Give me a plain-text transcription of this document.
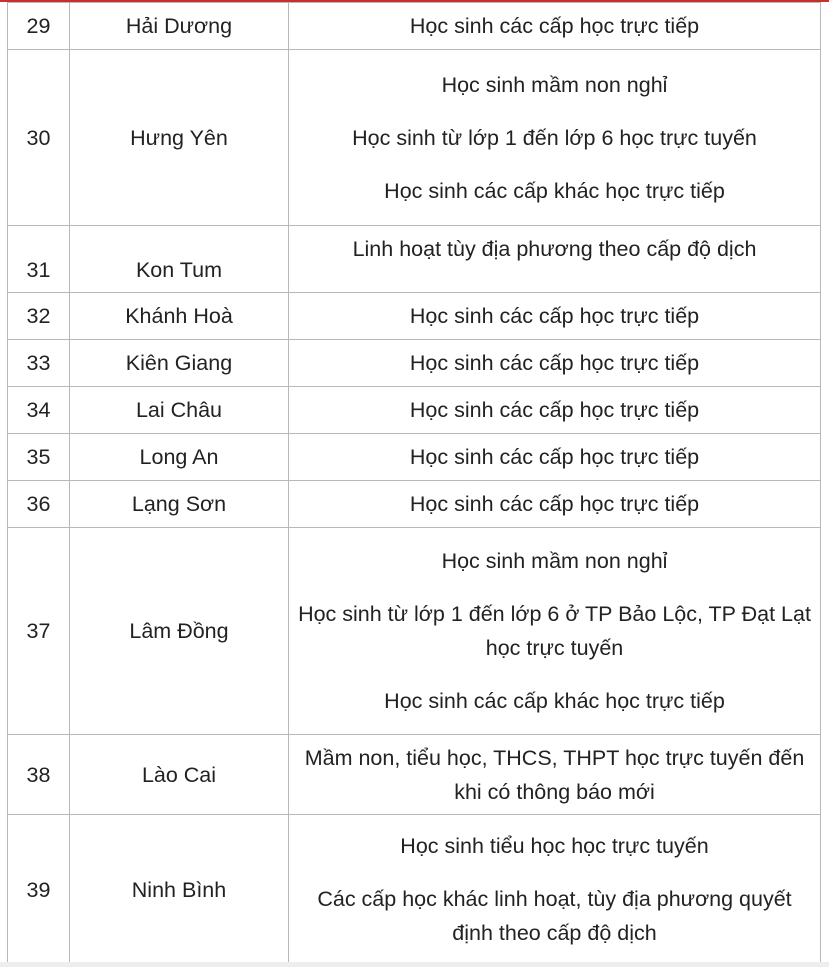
29	Hải Dương	Học sinh các cấp học trực tiếp

30	Hưng Yên	Học sinh mầm non nghỉ
Học sinh từ lớp 1 đến lớp 6 học trực tuyến
Học sinh các cấp khác học trực tiếp

31	Kon Tum	Linh hoạt tùy địa phương theo cấp độ dịch

32	Khánh Hoà	Học sinh các cấp học trực tiếp

33	Kiên Giang	Học sinh các cấp học trực tiếp

34	Lai Châu	Học sinh các cấp học trực tiếp

35	Long An	Học sinh các cấp học trực tiếp

36	Lạng Sơn	Học sinh các cấp học trực tiếp

37	Lâm Đồng	Học sinh mầm non nghỉ
Học sinh từ lớp 1 đến lớp 6 ở TP Bảo Lộc, TP Đạt Lạt học trực tuyến
Học sinh các cấp khác học trực tiếp

38	Lào Cai	Mầm non, tiểu học, THCS, THPT học trực tuyến đến khi có thông báo mới

39	Ninh Bình	Học sinh tiểu học học trực tuyến
Các cấp học khác linh hoạt, tùy địa phương quyết định theo cấp độ dịch
